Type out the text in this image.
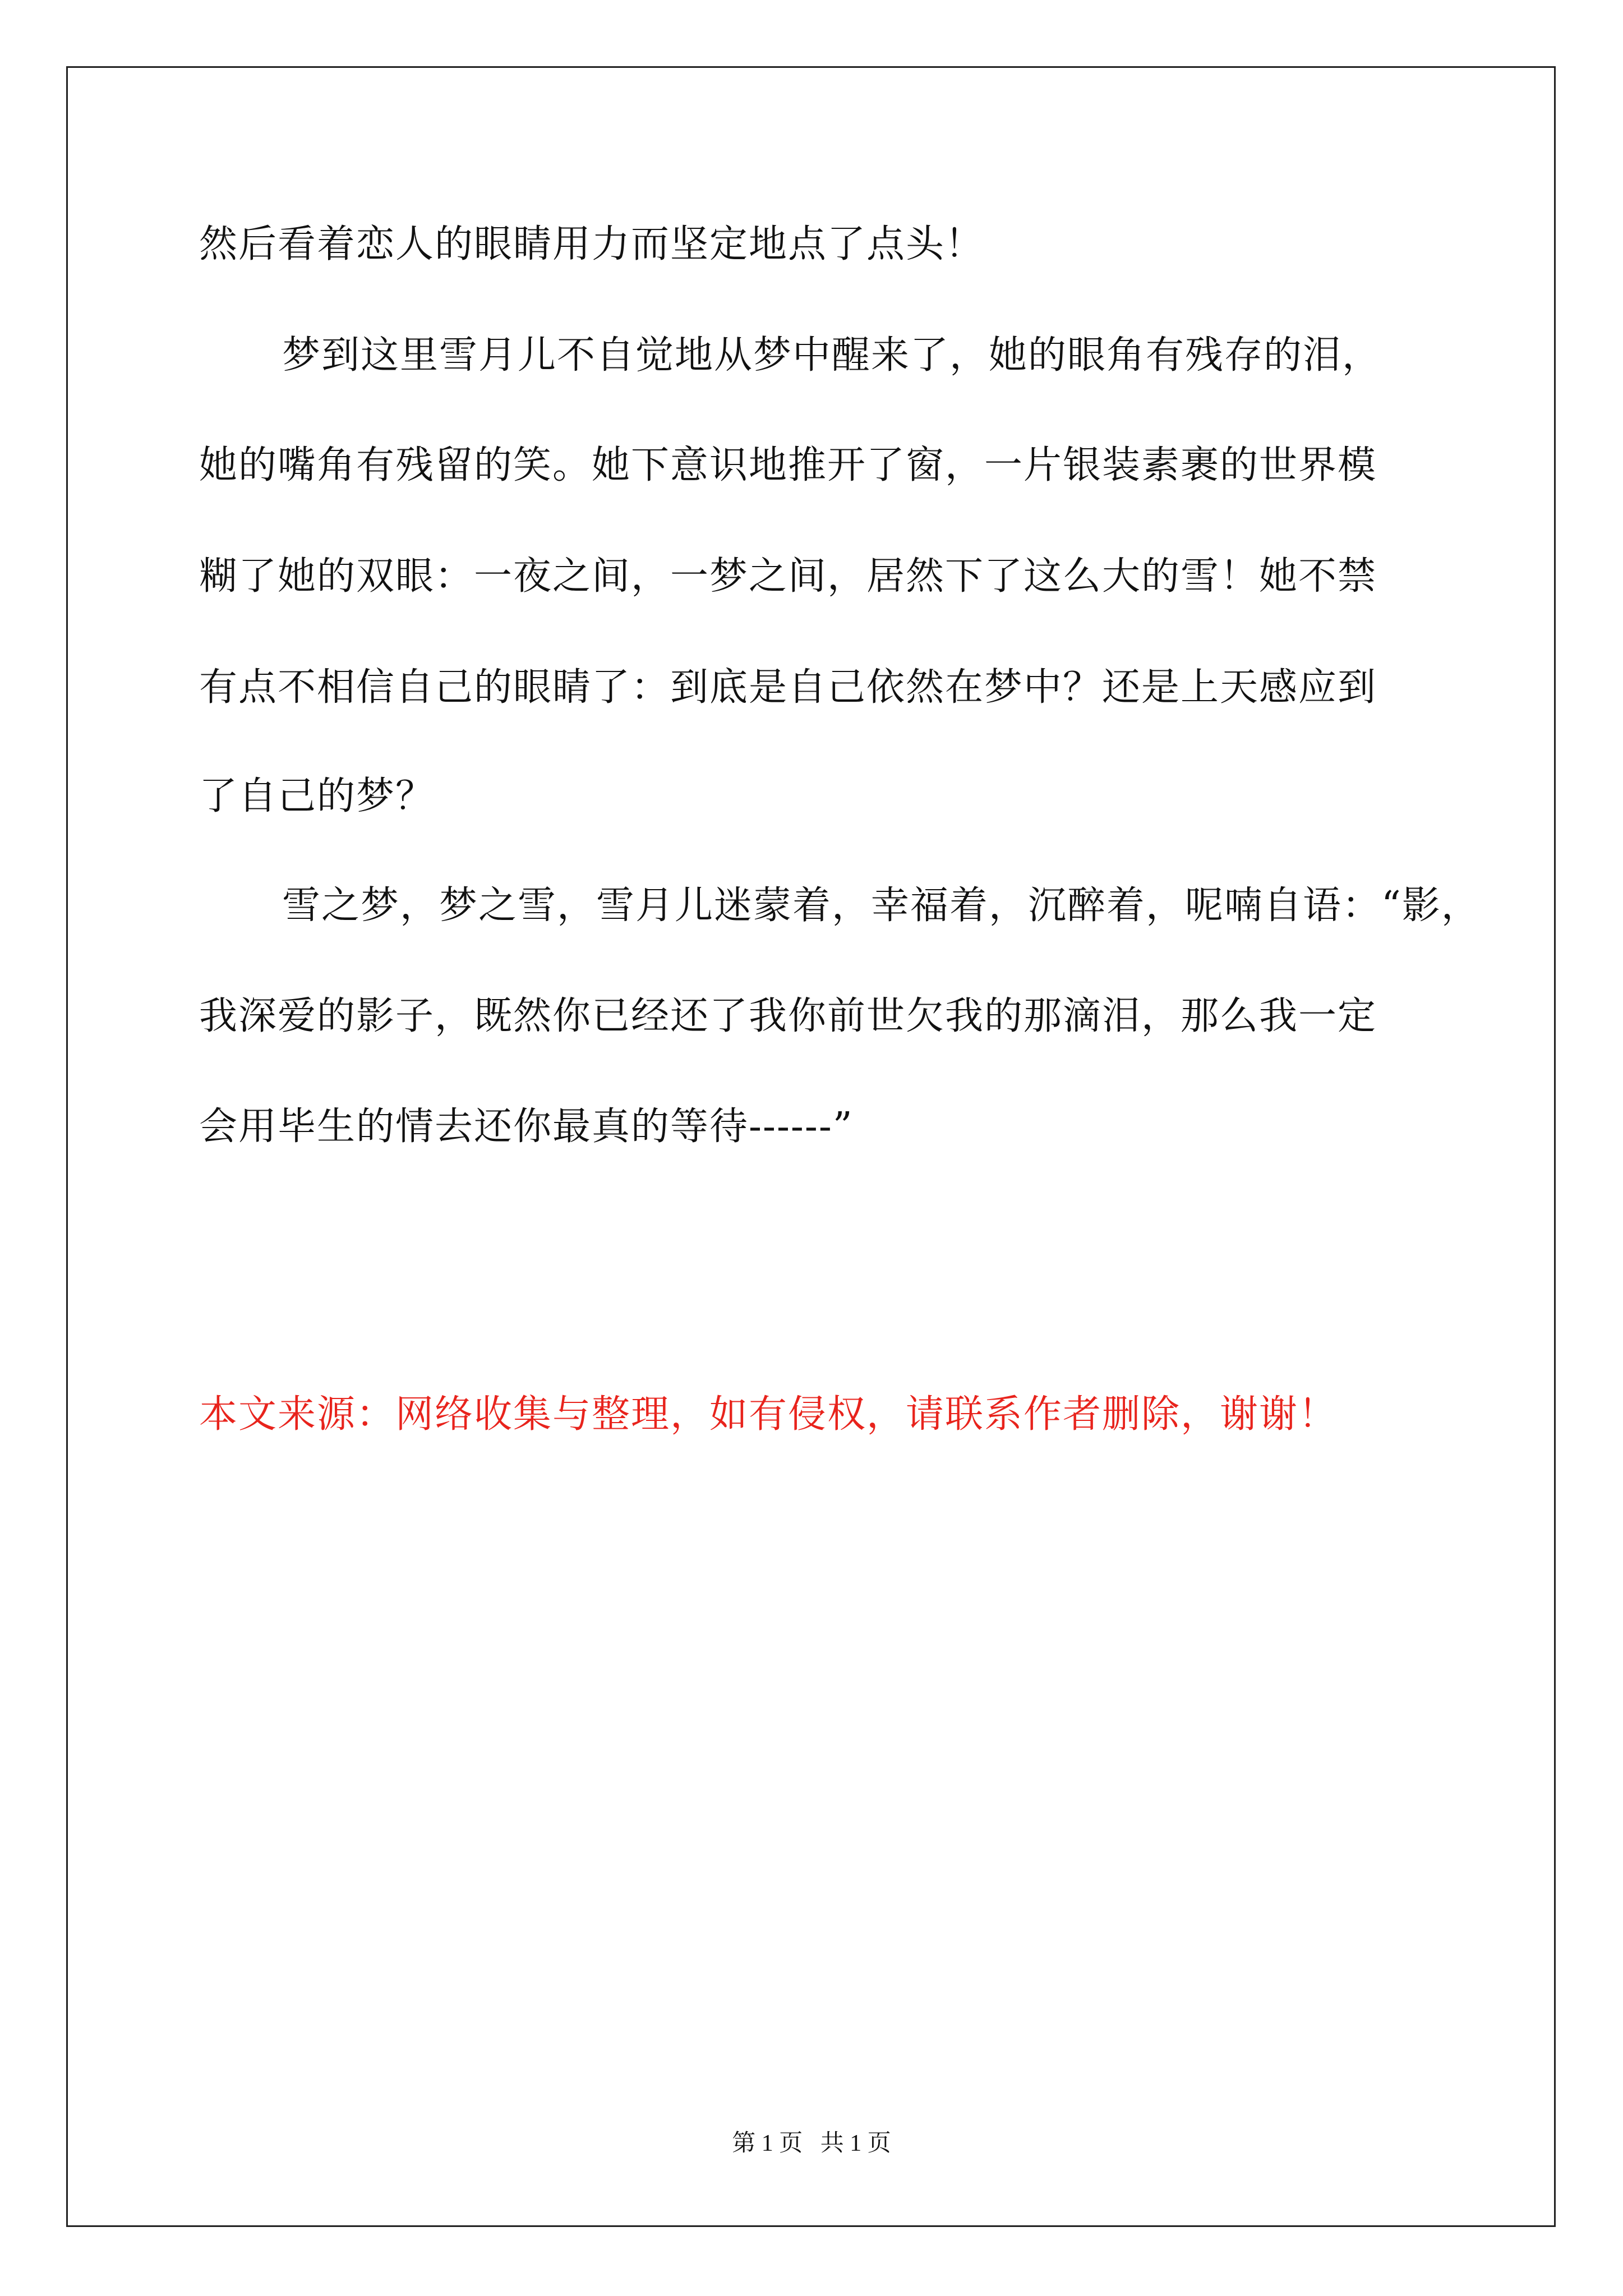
然后看着恋人的眼睛用力而坚定地点了点头！
梦到这里雪月儿不自觉地从梦中醒来了，她的眼角有残存的泪，
她的嘴角有残留的笑。她下意识地推开了窗，一片银装素裹的世界模
糊了她的双眼：一夜之间，一梦之间，居然下了这么大的雪！她不禁
有点不相信自己的眼睛了：到底是自己依然在梦中？还是上天感应到
了自己的梦？
雪之梦，梦之雪，雪月儿迷蒙着，幸福着，沉醉着，呢喃自语：“影，
我深爱的影子，既然你已经还了我你前世欠我的那滴泪，那么我一定
会用毕生的情去还你最真的等待------”
本文来源：网络收集与整理，如有侵权，请联系作者删除，谢谢！
第 1 页   共 1 页
